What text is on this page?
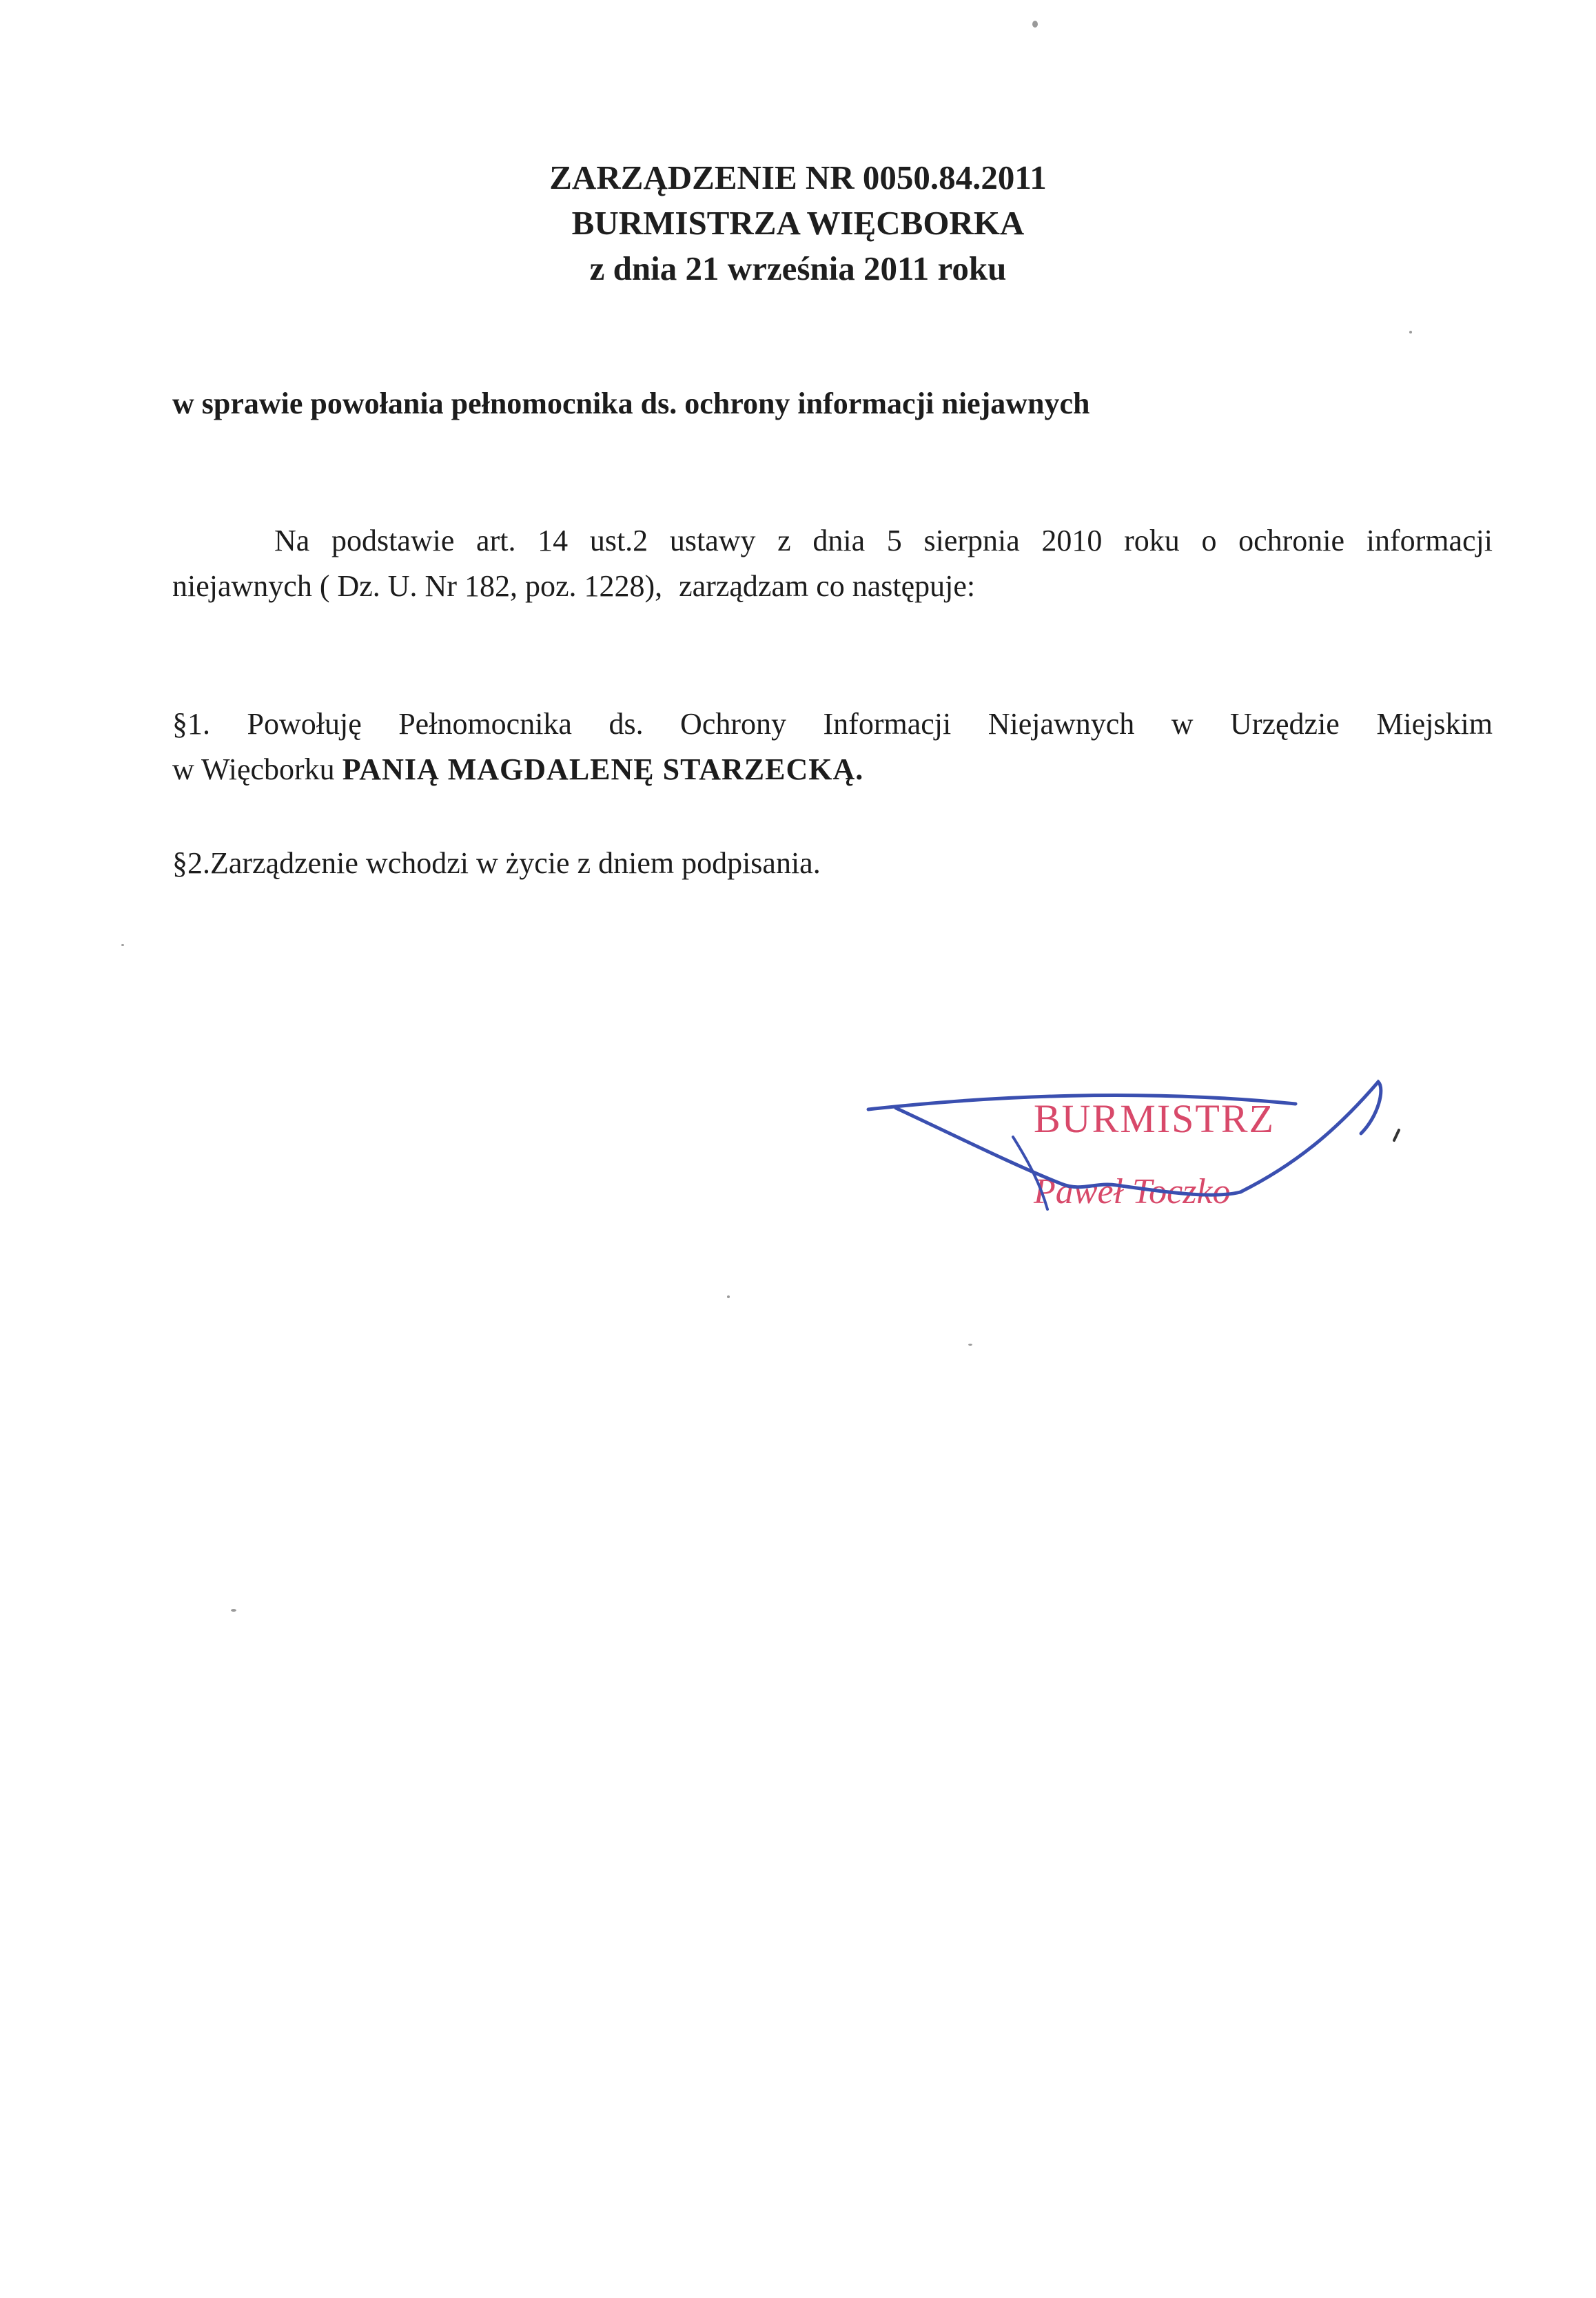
ZARZĄDZENIE NR 0050.84.2011
BURMISTRZA WIĘCBORKA
z dnia 21 września 2011 roku
w sprawie powołania pełnomocnika ds. ochrony informacji niejawnych
Na podstawie art. 14 ust.2 ustawy z dnia 5 sierpnia 2010 roku o ochronie informacji
niejawnych ( Dz. U. Nr 182, poz. 1228), zarządzam co następuje:
§1. Powołuję Pełnomocnika ds. Ochrony Informacji Niejawnych w Urzędzie Miejskim
w Więcborku PANIĄ MAGDALENĘ STARZECKĄ.
§2.Zarządzenie wchodzi w życie z dniem podpisania.
BURMISTRZ
Paweł Toczko
